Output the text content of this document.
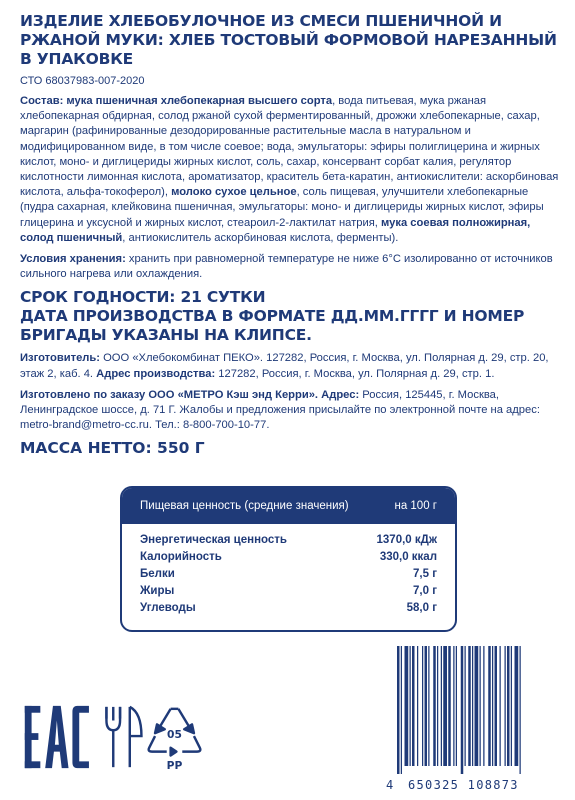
ИЗДЕЛИЕ ХЛЕБОБУЛОЧНОЕ ИЗ СМЕСИ ПШЕНИЧНОЙ И РЖАНОЙ МУКИ: ХЛЕБ ТОСТОВЫЙ ФОРМОВОЙ НАРЕЗАННЫЙ В УПАКОВКЕ

СТО 68037983-007-2020

Состав: мука пшеничная хлебопекарная высшего сорта, вода питьевая, мука ржаная хлебопекарная обдирная, солод ржаной сухой ферментированный, дрожжи хлебопекарные, сахар, маргарин (рафинированные дезодорированные растительные масла в натуральном и модифицированном виде, в том числе соевое; вода, эмульгаторы: эфиры полиглицерина и жирных кислот, моно- и диглицериды жирных кислот, соль, сахар, консервант сорбат калия, регулятор кислотности лимонная кислота, ароматизатор, краситель бета-каратин, антиокислители: аскорбиновая кислота, альфа-токоферол), молоко сухое цельное, соль пищевая, улучшители хлебопекарные (пудра сахарная, клейковина пшеничная, эмульгаторы: моно- и диглицериды жирных кислот, эфиры глицерина и уксусной и жирных кислот, стеароил-2-лактилат натрия, мука соевая полножирная, солод пшеничный, антиокислитель аскорбиновая кислота, ферменты).

Условия хранения: хранить при равномерной температуре не ниже 6°С изолированно от источников сильного нагрева или охлаждения.

СРОК ГОДНОСТИ: 21 СУТКИ

ДАТА ПРОИЗВОДСТВА В ФОРМАТЕ ДД.ММ.ГГГГ И НОМЕР БРИГАДЫ УКАЗАНЫ НА КЛИПСЕ.

Изготовитель: ООО «Хлебокомбинат ПЕКО». 127282, Россия, г. Москва, ул. Полярная д. 29, стр. 20, этаж 2, каб. 4. Адрес производства: 127282, Россия, г. Москва, ул. Полярная д. 29, стр. 1.

Изготовлено по заказу ООО «МЕТРО Кэш энд Керри». Адрес: Россия, 125445, г. Москва, Ленинградское шоссе, д. 71 Г. Жалобы и предложения присылайте по электронной почте на адрес: metro-brand@metro-cc.ru. Тел.: 8-800-700-10-77.

МАССА НЕТТО: 550 Г

Пищевая ценность (средние значения)	на 100 г
Энергетическая ценность	1370,0 кДж
Калорийность	330,0 ккал
Белки	7,5 г
Жиры	7,0 г
Углеводы	58,0 г
05
PP
4 650325 108873
